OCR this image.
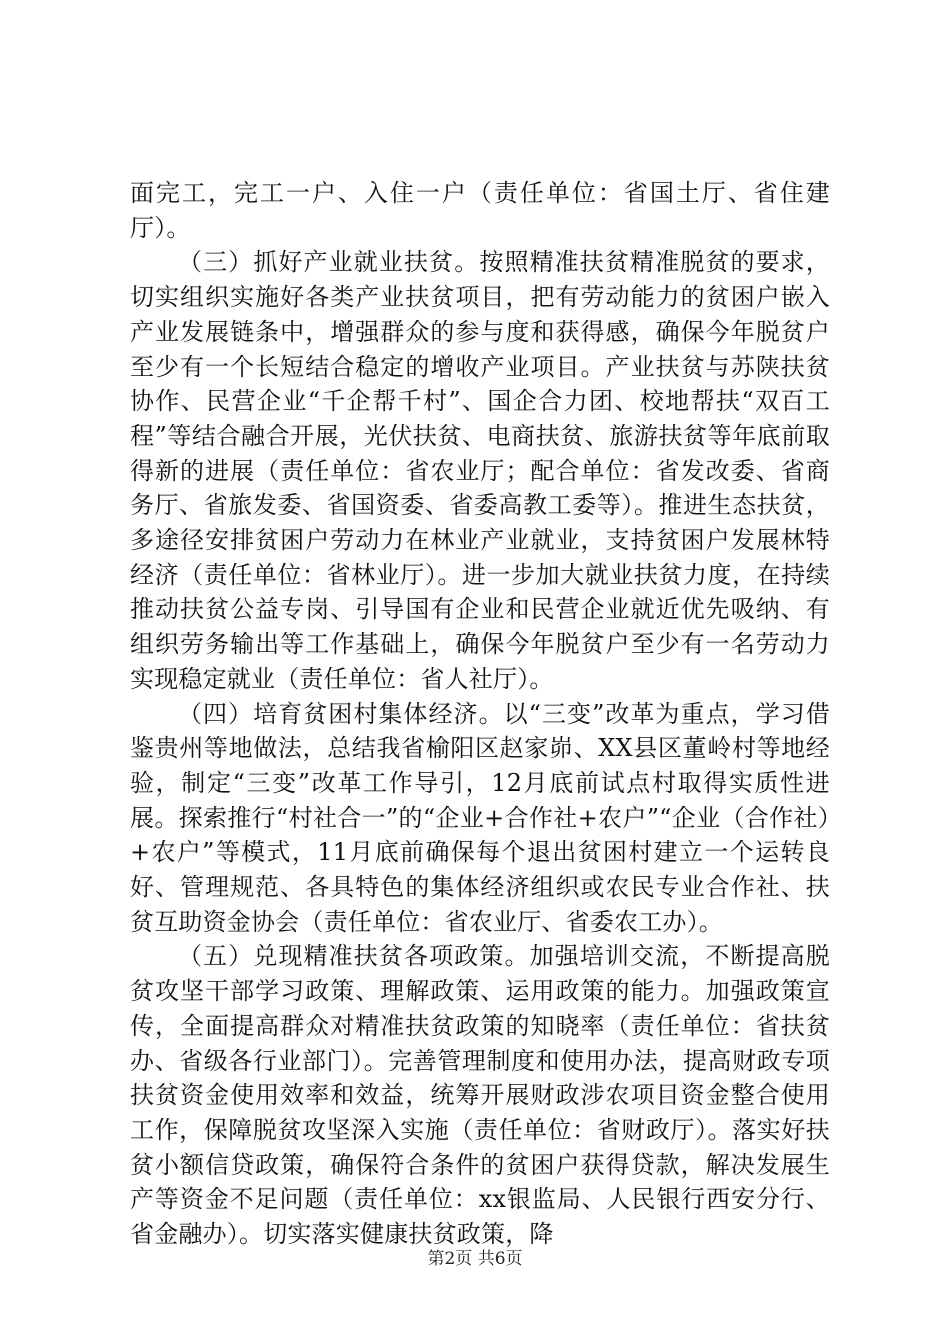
面完工，完工一户、入住一户（责任单位：省国土厅、省住建厅）。

（三）抓好产业就业扶贫。按照精准扶贫精准脱贫的要求，切实组织实施好各类产业扶贫项目，把有劳动能力的贫困户嵌入产业发展链条中，增强群众的参与度和获得感，确保今年脱贫户至少有一个长短结合稳定的增收产业项目。产业扶贫与苏陕扶贫协作、民营企业“千企帮千村”、国企合力团、校地帮扶“双百工程”等结合融合开展，光伏扶贫、电商扶贫、旅游扶贫等年底前取得新的进展（责任单位：省农业厅；配合单位：省发改委、省商务厅、省旅发委、省国资委、省委高教工委等）。推进生态扶贫，多途径安排贫困户劳动力在林业产业就业，支持贫困户发展林特经济（责任单位：省林业厅）。进一步加大就业扶贫力度，在持续推动扶贫公益专岗、引导国有企业和民营企业就近优先吸纳、有组织劳务输出等工作基础上，确保今年脱贫户至少有一名劳动力实现稳定就业（责任单位：省人社厅）。

（四）培育贫困村集体经济。以“三变”改革为重点，学习借鉴贵州等地做法，总结我省榆阳区赵家峁、XX县区董岭村等地经验，制定“三变”改革工作导引，12月底前试点村取得实质性进展。探索推行“村社合一”的“企业+合作社+农户”“企业（合作社）+农户”等模式，11月底前确保每个退出贫困村建立一个运转良好、管理规范、各具特色的集体经济组织或农民专业合作社、扶贫互助资金协会（责任单位：省农业厅、省委农工办）。

（五）兑现精准扶贫各项政策。加强培训交流，不断提高脱贫攻坚干部学习政策、理解政策、运用政策的能力。加强政策宣传，全面提高群众对精准扶贫政策的知晓率（责任单位：省扶贫办、省级各行业部门）。完善管理制度和使用办法，提高财政专项扶贫资金使用效率和效益，统筹开展财政涉农项目资金整合使用工作，保障脱贫攻坚深入实施（责任单位：省财政厅）。落实好扶贫小额信贷政策，确保符合条件的贫困户获得贷款，解决发展生产等资金不足问题（责任单位：xx银监局、人民银行西安分行、省金融办）。切实落实健康扶贫政策，降

第2页 共6页
